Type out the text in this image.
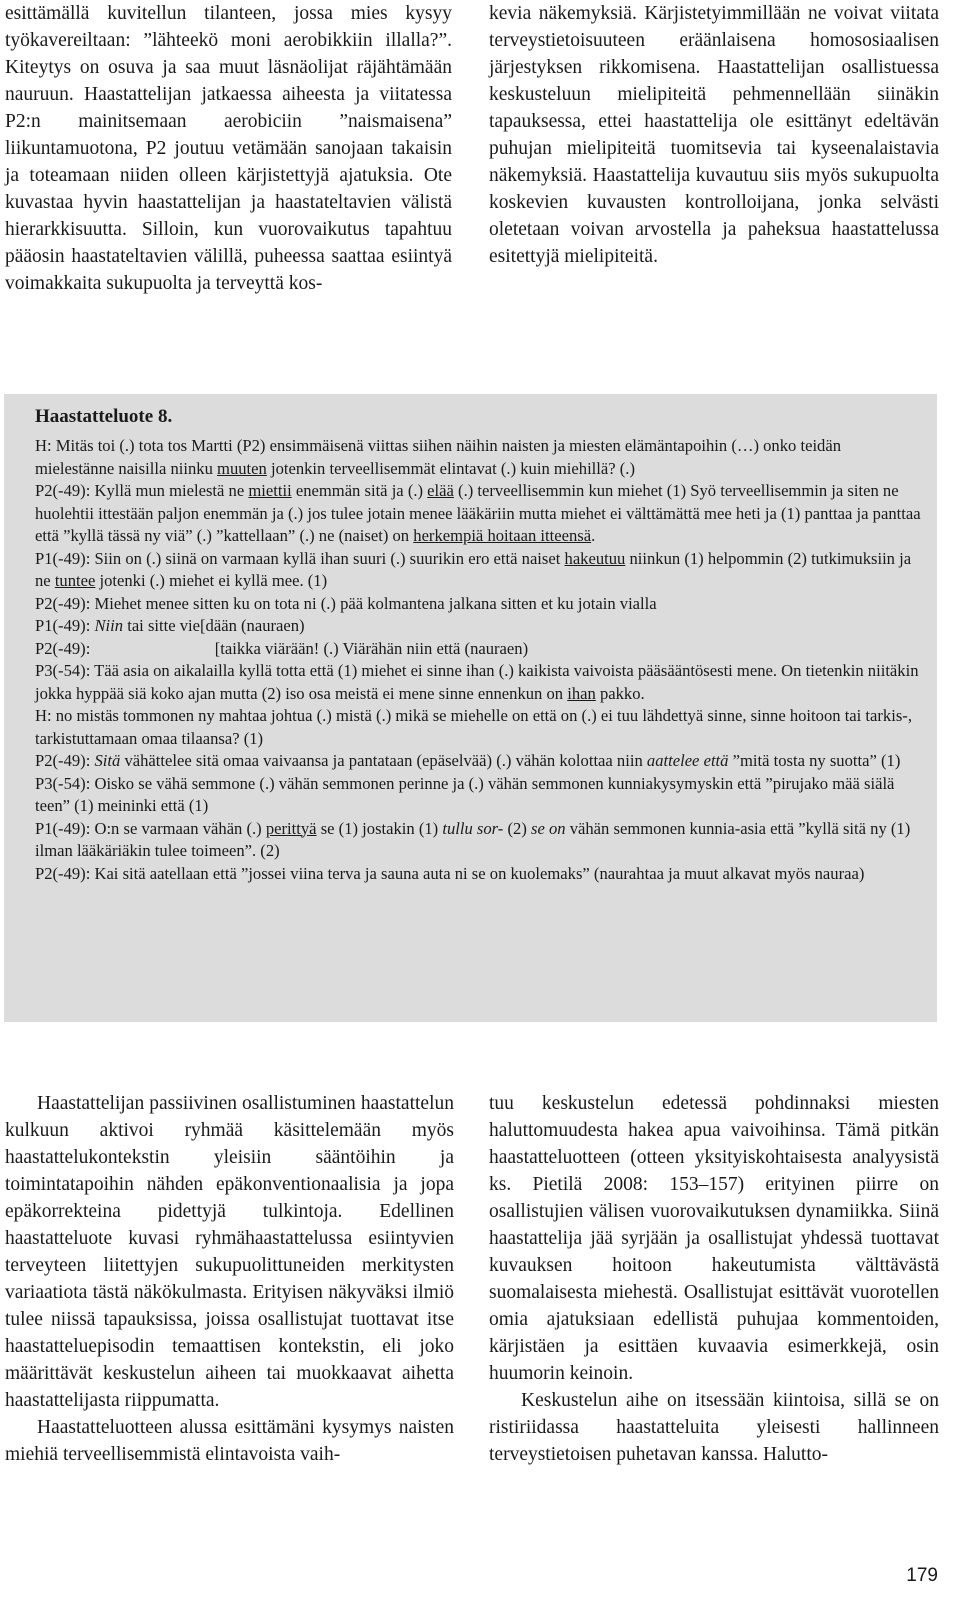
esittämällä kuvitellun tilanteen, jossa mies kysyy työkavereiltaan: ”lähteekö moni aerobikkiin illalla?”. Kiteytys on osuva ja saa muut läsnäolijat räjähtämään nauruun. Haastattelijan jatkaessa aiheesta ja viitatessa P2:n mainitsemaan aerobiciin ”naismaisena” liikuntamuotona, P2 joutuu vetämään sanojaan takaisin ja toteamaan niiden olleen kärjistettyjä ajatuksia. Ote kuvastaa hyvin haastattelijan ja haastateltavien välistä hierarkkisuutta. Silloin, kun vuorovaikutus tapahtuu pääosin haastateltavien välillä, puheessa saattaa esiintyä voimakkaita sukupuolta ja terveyttä kos-

kevia näkemyksiä. Kärjistetyimmillään ne voivat viitata terveystietoisuuteen eräänlaisena homososiaalisen järjestyksen rikkomisena. Haastattelijan osallistuessa keskusteluun mielipiteitä pehmennellään siinäkin tapauksessa, ettei haastattelija ole esittänyt edeltävän puhujan mielipiteitä tuomitsevia tai kyseenalaistavia näkemyksiä. Haastattelija kuvautuu siis myös sukupuolta koskevien kuvausten kontrolloijana, jonka selvästi oletetaan voivan arvostella ja paheksua haastattelussa esitettyjä mielipiteitä.

Haastatteluote 8.
H: Mitäs toi (.) tota tos Martti (P2) ensimmäisenä viittas siihen näihin naisten ja miesten elämäntapoihin (…) onko teidän mielestänne naisilla niinku muuten jotenkin terveellisemmät elintavat (.) kuin miehillä? (.)
P2(-49): Kyllä mun mielestä ne miettii enemmän sitä ja (.) elää (.) terveellisemmin kun miehet (1) Syö terveellisemmin ja siten ne huolehtii ittestään paljon enemmän ja (.) jos tulee jotain menee lääkäriin mutta miehet ei välttämättä mee heti ja (1) panttaa ja panttaa että ”kyllä tässä ny viä” (.) ”kattellaan” (.) ne (naiset) on herkempiä hoitaan itteensä.
P1(-49): Siin on (.) siinä on varmaan kyllä ihan suuri (.) suurikin ero että naiset hakeutuu niinkun (1) helpommin (2) tutkimuksiin ja ne tuntee jotenki (.) miehet ei kyllä mee. (1)
P2(-49): Miehet menee sitten ku on tota ni (.) pää kolmantena jalkana sitten et ku jotain vialla
P1(-49): Niin tai sitte vie[dään (nauraen)
P2(-49):                              [taikka viärään! (.) Viärähän niin että (nauraen)
P3(-54): Tää asia on aikalailla kyllä totta että (1) miehet ei sinne ihan (.) kaikista vaivoista pääsääntösesti mene. On tietenkin niitäkin jokka hyppää siä koko ajan mutta (2) iso osa meistä ei mene sinne ennenkun on ihan pakko.
H: no mistäs tommonen ny mahtaa johtua (.) mistä (.) mikä se miehelle on että on (.) ei tuu lähdettyä sinne, sinne hoitoon tai tarkis-, tarkistuttamaan omaa tilaansa? (1)
P2(-49): Sitä vähättelee sitä omaa vaivaansa ja pantataan (epäselvää) (.) vähän kolottaa niin aattelee että ”mitä tosta ny suotta” (1)
P3(-54): Oisko se vähä semmone (.) vähän semmonen perinne ja (.) vähän semmonen kunniakysymyskin että ”pirujako mää siälä teen” (1) meininki että (1)
P1(-49): O:n se varmaan vähän (.) perittyä se (1) jostakin (1) tullu sor- (2) se on vähän semmonen kunnia-asia että ”kyllä sitä ny (1) ilman lääkäriäkin tulee toimeen”. (2)
P2(-49): Kai sitä aatellaan että ”jossei viina terva ja sauna auta ni se on kuolemaks” (naurahtaa ja muut alkavat myös nauraa)

Haastattelijan passiivinen osallistuminen haastattelun kulkuun aktivoi ryhmää käsittelemään myös haastattelukontekstin yleisiin sääntöihin ja toimintatapoihin nähden epäkonventionaalisia ja jopa epäkorrekteina pidettyjä tulkintoja. Edellinen haastatteluote kuvasi ryhmähaastattelussa esiintyvien terveyteen liitettyjen sukupuolittuneiden merkitysten variaatiota tästä näkökulmasta. Erityisen näkyväksi ilmiö tulee niissä tapauksissa, joissa osallistujat tuottavat itse haastatteluepisodin temaattisen kontekstin, eli joko määrittävät keskustelun aiheen tai muokkaavat aihetta haastattelijasta riippumatta.

Haastatteluotteen alussa esittämäni kysymys naisten miehiä terveellisemmistä elintavoista vaih-

tuu keskustelun edetessä pohdinnaksi miesten haluttomuudesta hakea apua vaivoihinsa. Tämä pitkän haastatteluotteen (otteen yksityiskohtaisesta analyysistä ks. Pietilä 2008: 153–157) erityinen piirre on osallistujien välisen vuorovaikutuksen dynamiikka. Siinä haastattelija jää syrjään ja osallistujat yhdessä tuottavat kuvauksen hoitoon hakeutumista välttävästä suomalaisesta miehestä. Osallistujat esittävät vuorotellen omia ajatuksiaan edellistä puhujaa kommentoiden, kärjistäen ja esittäen kuvaavia esimerkkejä, osin huumorin keinoin.

Keskustelun aihe on itsessään kiintoisa, sillä se on ristiriidassa haastatteluita yleisesti hallinneen terveystietoisen puhetavan kanssa. Halutto-

179
